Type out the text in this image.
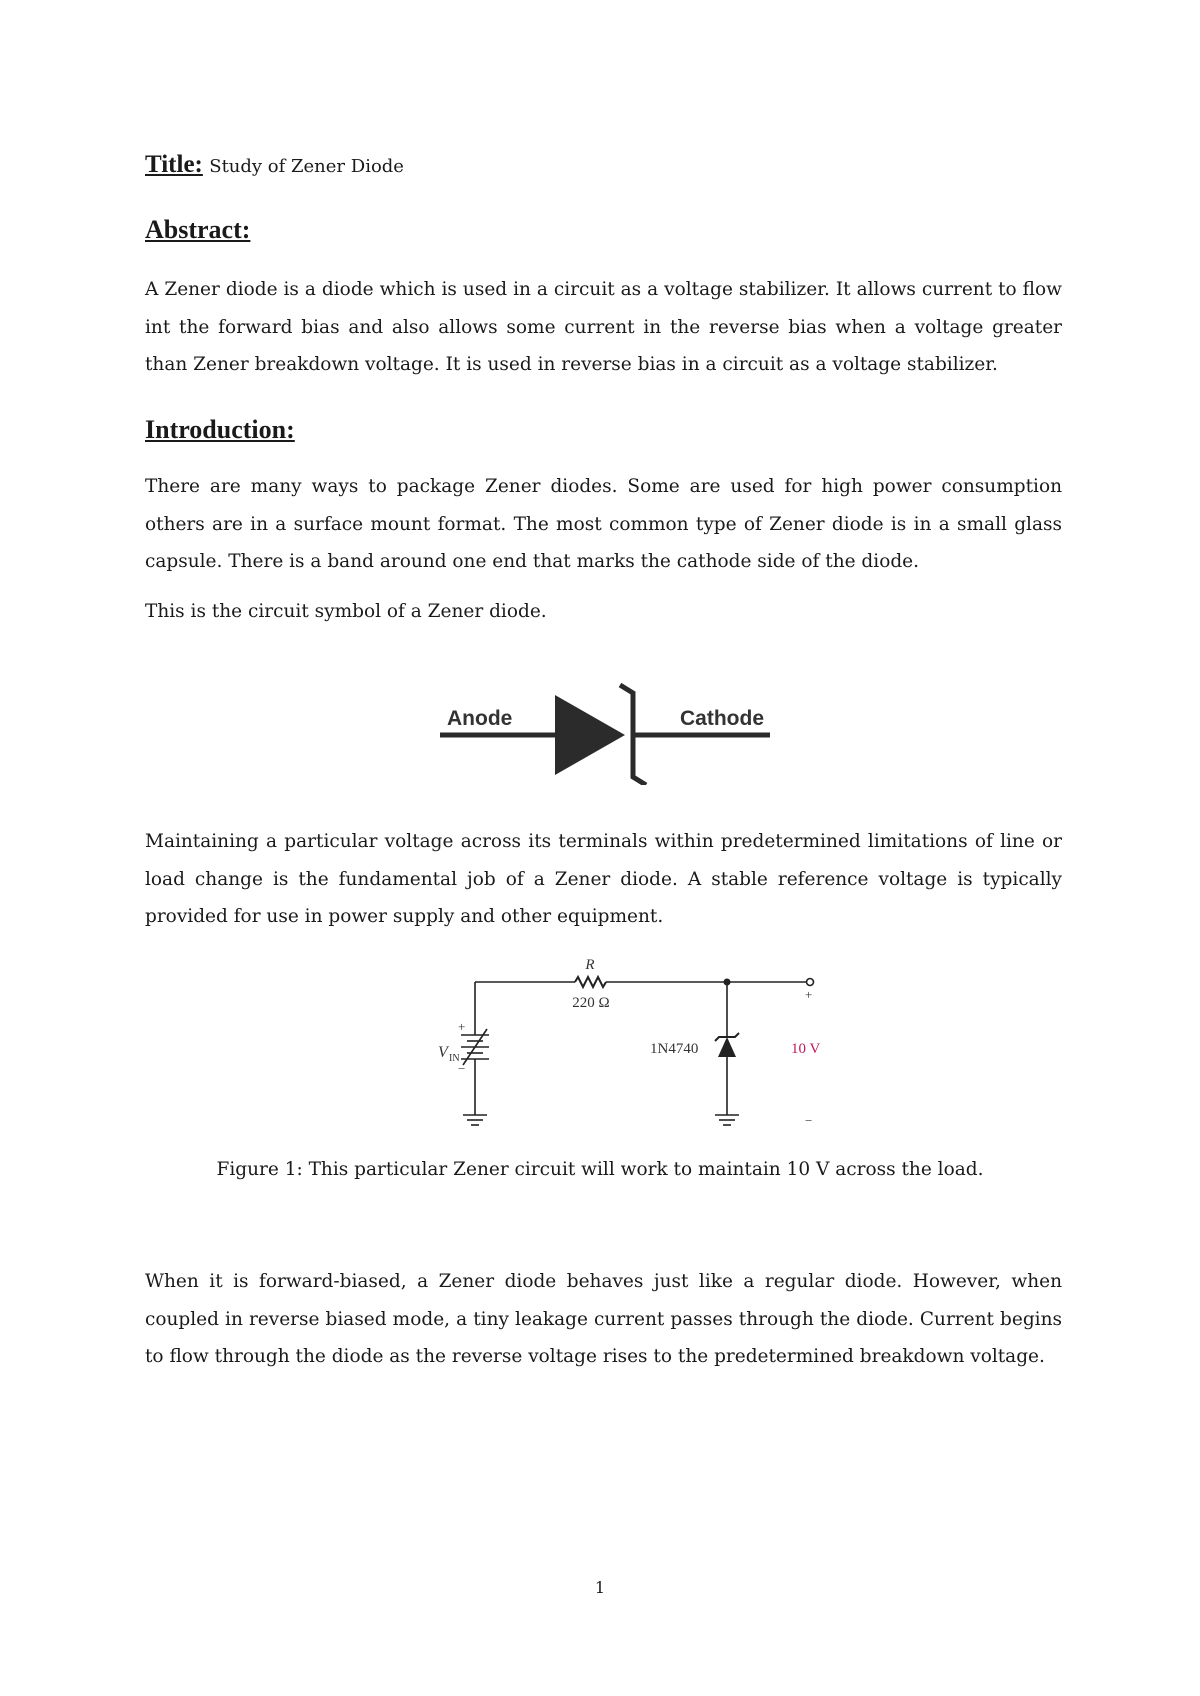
Title: Study of Zener Diode
Abstract:
A Zener diode is a diode which is used in a circuit as a voltage stabilizer. It allows current to flow int the forward bias and also allows some current in the reverse bias when a voltage greater than Zener breakdown voltage. It is used in reverse bias in a circuit as a voltage stabilizer.
Introduction:
There are many ways to package Zener diodes. Some are used for high power consumption others are in a surface mount format. The most common type of Zener diode is in a small glass capsule. There is a band around one end that marks the cathode side of the diode.
This is the circuit symbol of a Zener diode.
Anode	Cathode
Maintaining a particular voltage across its terminals within predetermined limitations of line or load change is the fundamental job of a Zener diode. A stable reference voltage is typically provided for use in power supply and other equipment.
R
220 Ω
V IN
+
−
1N4740
+
10 V
−
Figure 1: This particular Zener circuit will work to maintain 10 V across the load.
When it is forward-biased, a Zener diode behaves just like a regular diode. However, when coupled in reverse biased mode, a tiny leakage current passes through the diode. Current begins to flow through the diode as the reverse voltage rises to the predetermined breakdown voltage.
1
